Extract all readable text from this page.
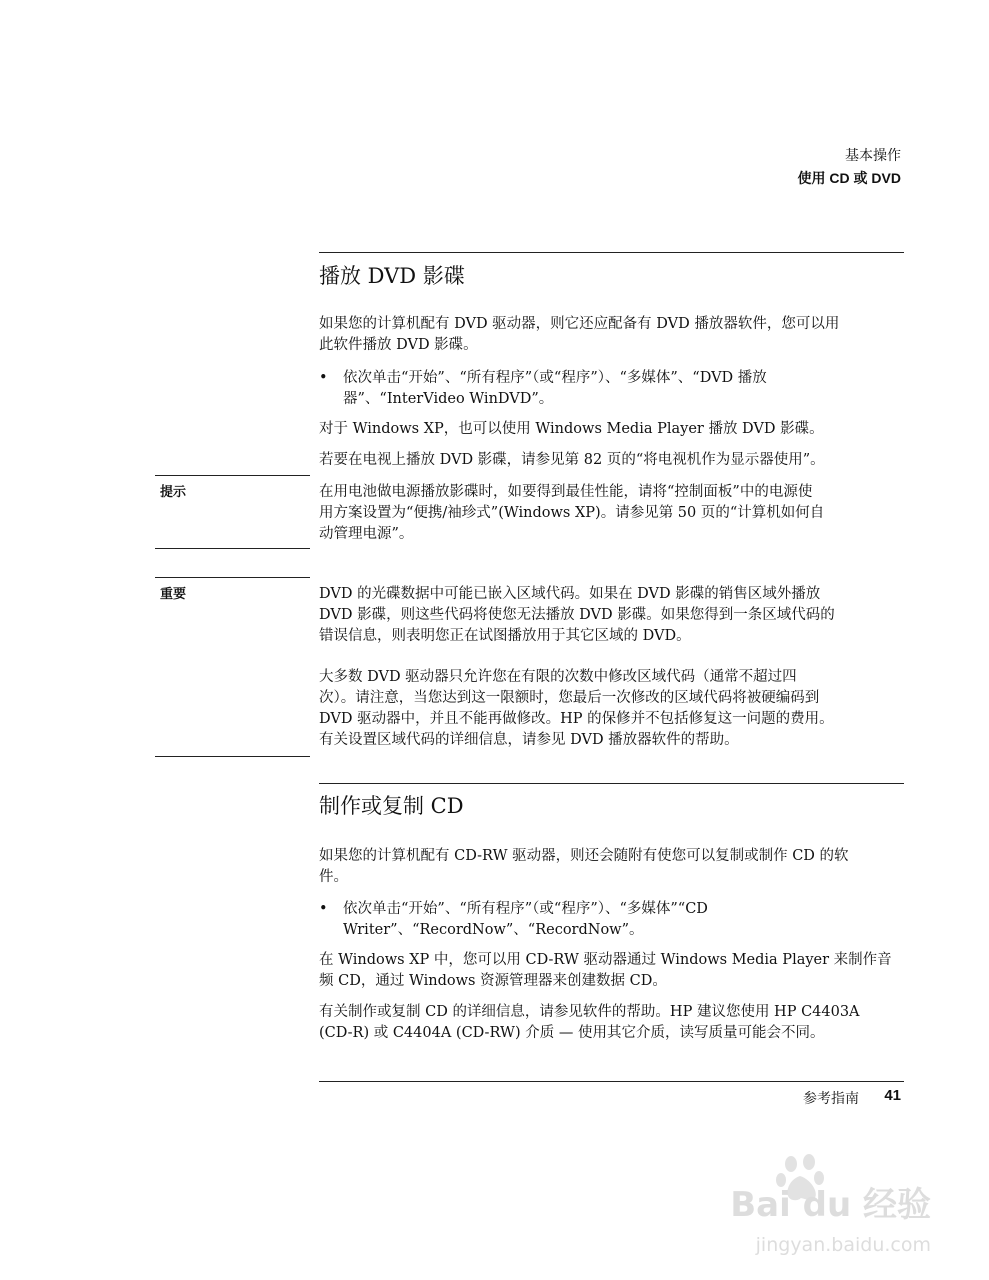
基本操作
使用 CD 或 DVD
播放 DVD 影碟
如果您的计算机配有 DVD 驱动器，则它还应配备有 DVD 播放器软件，您可以用
此软件播放 DVD 影碟。
•	依次单击“开始”、“所有程序”（或“程序”）、“多媒体”、“DVD 播放
器”、“InterVideo WinDVD”。
对于 Windows XP，也可以使用 Windows Media Player 播放 DVD 影碟。
若要在电视上播放 DVD 影碟，请参见第 82 页的“将电视机作为显示器使用”。
提示	在用电池做电源播放影碟时，如要得到最佳性能，请将“控制面板”中的电源使
用方案设置为“便携/袖珍式”(Windows XP)。请参见第 50 页的“计算机如何自
动管理电源”。
重要	DVD 的光碟数据中可能已嵌入区域代码。如果在 DVD 影碟的销售区域外播放
DVD 影碟，则这些代码将使您无法播放 DVD 影碟。如果您得到一条区域代码的
错误信息，则表明您正在试图播放用于其它区域的 DVD。
大多数 DVD 驱动器只允许您在有限的次数中修改区域代码（通常不超过四
次）。请注意，当您达到这一限额时，您最后一次修改的区域代码将被硬编码到
DVD 驱动器中，并且不能再做修改。HP 的保修并不包括修复这一问题的费用。
有关设置区域代码的详细信息，请参见 DVD 播放器软件的帮助。
制作或复制 CD
如果您的计算机配有 CD-RW 驱动器，则还会随附有使您可以复制或制作 CD 的软
件。
•	依次单击“开始”、“所有程序”（或“程序”）、“多媒体”“CD
Writer”、“RecordNow”、“RecordNow”。
在 Windows XP 中，您可以用 CD-RW 驱动器通过 Windows Media Player 来制作音
频 CD，通过 Windows 资源管理器来创建数据 CD。
有关制作或复制 CD 的详细信息，请参见软件的帮助。HP 建议您使用 HP C4403A
(CD-R) 或 C4404A (CD-RW) 介质 — 使用其它介质，读写质量可能会不同。
参考指南 41
Bai du 经验
jingyan.baidu.com
